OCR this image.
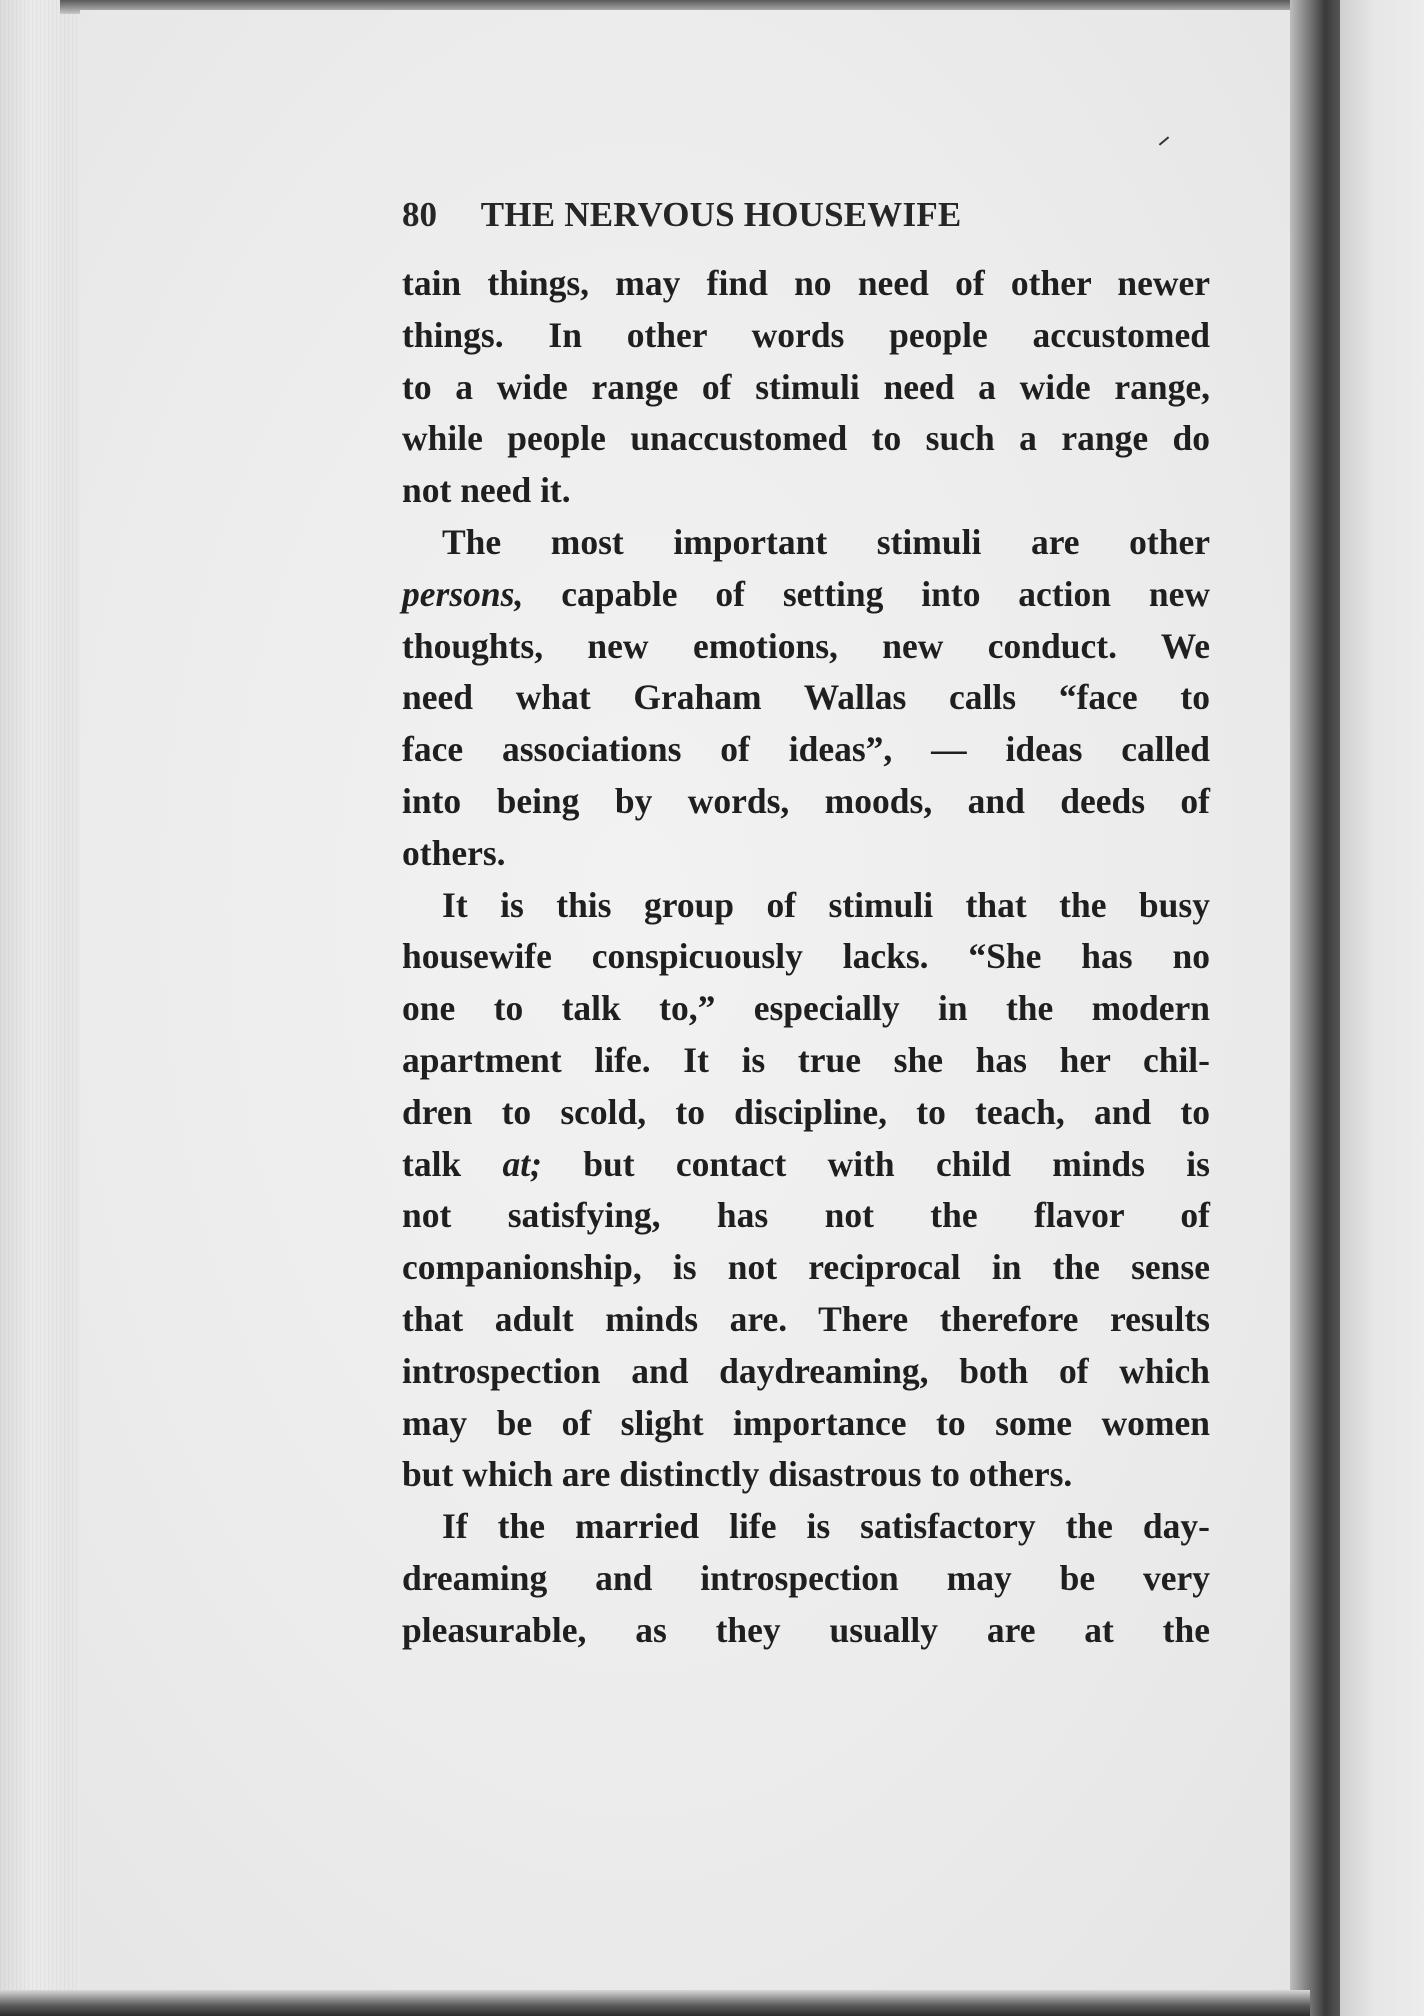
80 THE NERVOUS HOUSEWIFE
tain things, may find no need of other newer
things. In other words people accustomed
to a wide range of stimuli need a wide range,
while people unaccustomed to such a range do
not need it.
The most important stimuli are other
persons, capable of setting into action new
thoughts, new emotions, new conduct. We
need what Graham Wallas calls “face to
face associations of ideas”, — ideas called
into being by words, moods, and deeds of
others.
It is this group of stimuli that the busy
housewife conspicuously lacks. “She has no
one to talk to,” especially in the modern
apartment life. It is true she has her chil-
dren to scold, to discipline, to teach, and to
talk at; but contact with child minds is
not satisfying, has not the flavor of
companionship, is not reciprocal in the sense
that adult minds are. There therefore results
introspection and daydreaming, both of which
may be of slight importance to some women
but which are distinctly disastrous to others.
If the married life is satisfactory the day-
dreaming and introspection may be very
pleasurable, as they usually are at the
